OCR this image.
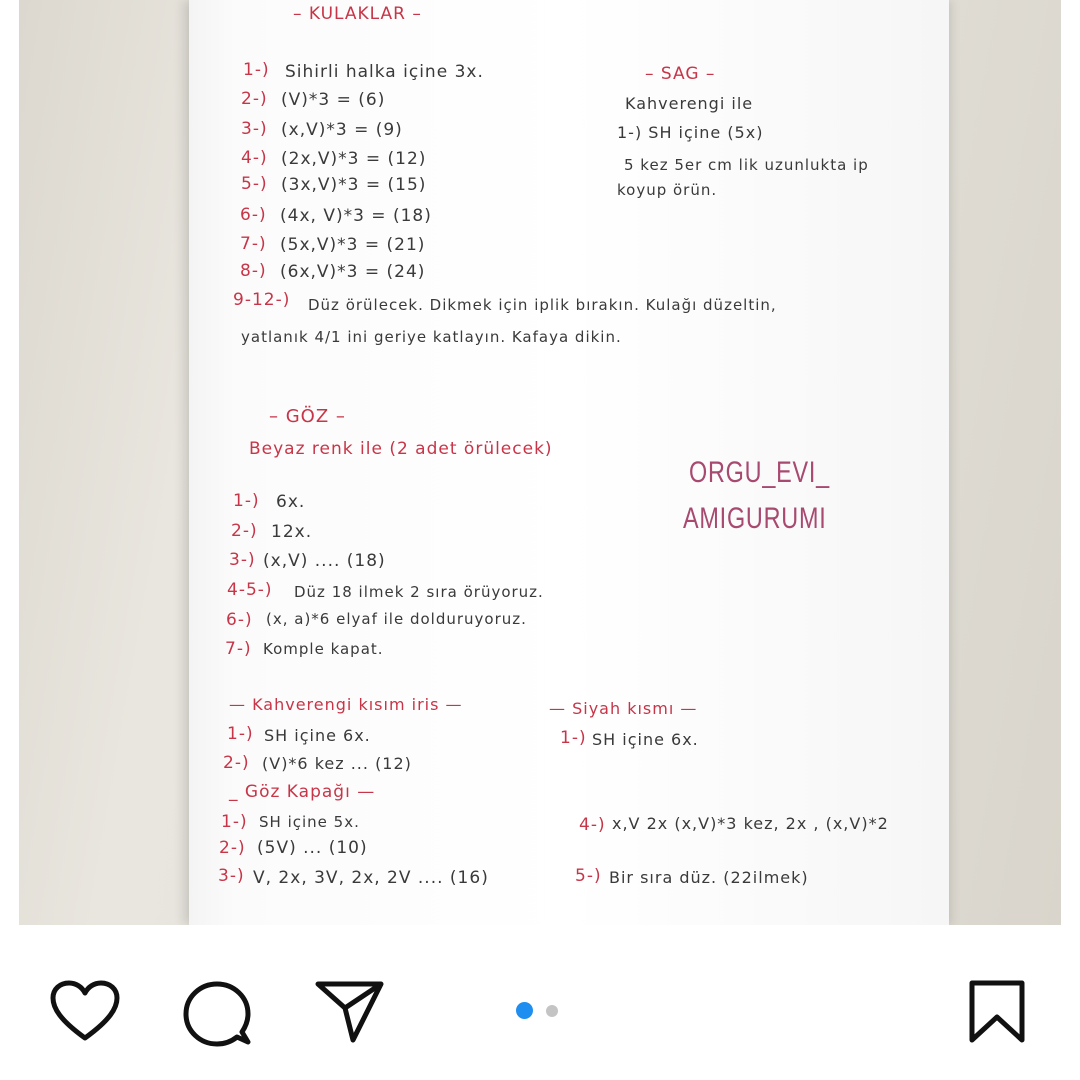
– KULAKLAR –
1-) Sihirli halka içine 3x.
2-) (V)*3 = (6)
3-) (x,V)*3 = (9)
4-) (2x,V)*3 = (12)
5-) (3x,V)*3 = (15)
6-) (4x, V)*3 = (18)
7-) (5x,V)*3 = (21)
8-) (6x,V)*3 = (24)
9-12-) Düz örülecek. Dikmek için iplik bırakın. Kulağı düzeltin,
yatlanık 4/1 ini geriye katlayın. Kafaya dikin.
– SAG –
Kahverengi ile
1-) SH içine (5x)
5 kez 5er cm lik uzunlukta ip
koyup örün.
– GÖZ –
Beyaz renk ile (2 adet örülecek)
1-) 6x.
2-) 12x.
3-) (x,V) .... (18)
4-5-) Düz 18 ilmek 2 sıra örüyoruz.
6-) (x, a)*6 elyaf ile dolduruyoruz.
7-) Komple kapat.
ORGU_EVI_
AMIGURUMI
— Kahverengi kısım iris —	— Siyah kısmı —
1-) SH içine 6x.	1-) SH içine 6x.
2-) (V)*6 kez ... (12)
_ Göz Kapağı —
1-) SH içine 5x.
2-) (5V) ... (10)
3-) V, 2x, 3V, 2x, 2V .... (16)
4-) x,V 2x (x,V)*3 kez, 2x , (x,V)*2
5-) Bir sıra düz. (22ilmek)
